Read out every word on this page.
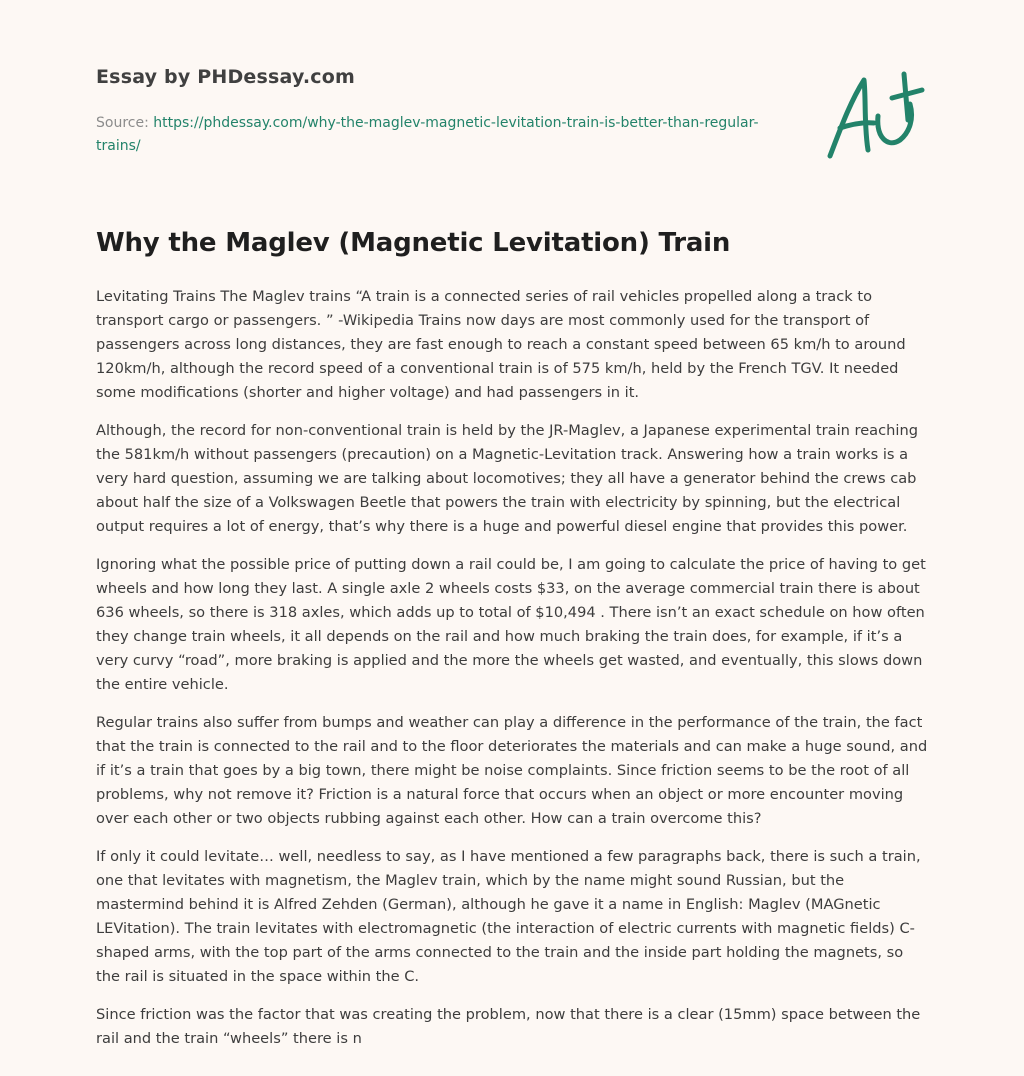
Essay by PHDessay.com
Source: https://phdessay.com/why-the-maglev-magnetic-levitation-train-is-better-than-regular-trains/
Why the Maglev (Magnetic Levitation) Train

Levitating Trains The Maglev trains “A train is a connected series of rail vehicles propelled along a track to transport cargo or passengers. ” -Wikipedia Trains now days are most commonly used for the transport of passengers across long distances, they are fast enough to reach a constant speed between 65 km/h to around 120km/h, although the record speed of a conventional train is of 575 km/h, held by the French TGV. It needed some modifications (shorter and higher voltage) and had passengers in it.

Although, the record for non-conventional train is held by the JR-Maglev, a Japanese experimental train reaching the 581km/h without passengers (precaution) on a Magnetic-Levitation track. Answering how a train works is a very hard question, assuming we are talking about locomotives; they all have a generator behind the crews cab about half the size of a Volkswagen Beetle that powers the train with electricity by spinning, but the electrical output requires a lot of energy, that’s why there is a huge and powerful diesel engine that provides this power.

Ignoring what the possible price of putting down a rail could be, I am going to calculate the price of having to get wheels and how long they last. A single axle 2 wheels costs $33, on the average commercial train there is about 636 wheels, so there is 318 axles, which adds up to total of $10,494 . There isn’t an exact schedule on how often they change train wheels, it all depends on the rail and how much braking the train does, for example, if it’s a very curvy “road”, more braking is applied and the more the wheels get wasted, and eventually, this slows down the entire vehicle.

Regular trains also suffer from bumps and weather can play a difference in the performance of the train, the fact that the train is connected to the rail and to the floor deteriorates the materials and can make a huge sound, and if it’s a train that goes by a big town, there might be noise complaints. Since friction seems to be the root of all problems, why not remove it? Friction is a natural force that occurs when an object or more encounter moving over each other or two objects rubbing against each other. How can a train overcome this?

If only it could levitate… well, needless to say, as I have mentioned a few paragraphs back, there is such a train, one that levitates with magnetism, the Maglev train, which by the name might sound Russian, but the mastermind behind it is Alfred Zehden (German), although he gave it a name in English: Maglev (MAGnetic LEVitation). The train levitates with electromagnetic (the interaction of electric currents with magnetic fields) C-shaped arms, with the top part of the arms connected to the train and the inside part holding the magnets, so the rail is situated in the space within the C.

Since friction was the factor that was creating the problem, now that there is a clear (15mm) space between the rail and the train “wheels” there is n
